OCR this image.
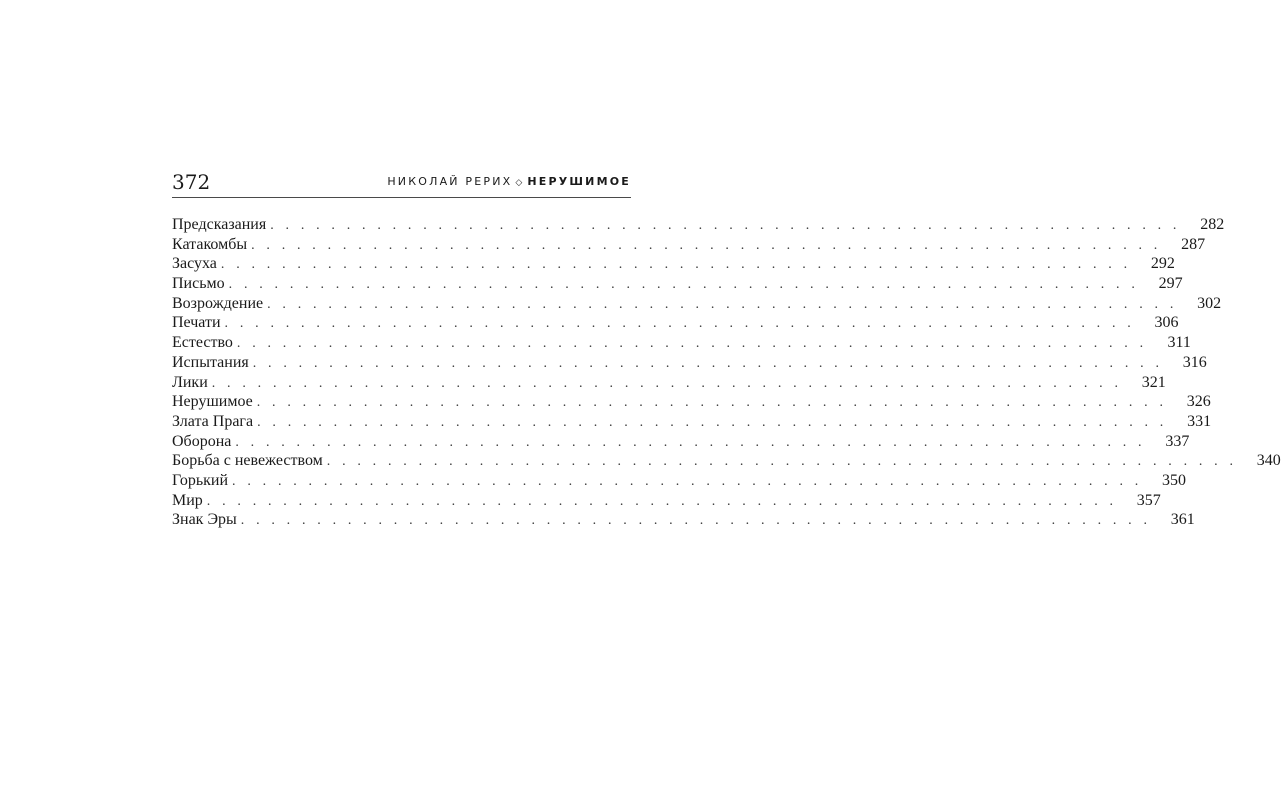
372	НИКОЛАЙ РЕРИХ ◇ НЕРУШИМОЕ
Предсказания ............................................................ 282
Катакомбы ............................................................ 287
Засуха ............................................................ 292
Письмо ............................................................ 297
Возрождение ............................................................ 302
Печати ............................................................ 306
Естество ............................................................ 311
Испытания ............................................................ 316
Лики ............................................................ 321
Нерушимое ............................................................ 326
Злата Прага ............................................................ 331
Оборона ............................................................ 337
Борьба с невежеством ............................................................ 340
Горький ............................................................ 350
Мир ............................................................ 357
Знак Эры ............................................................ 361
